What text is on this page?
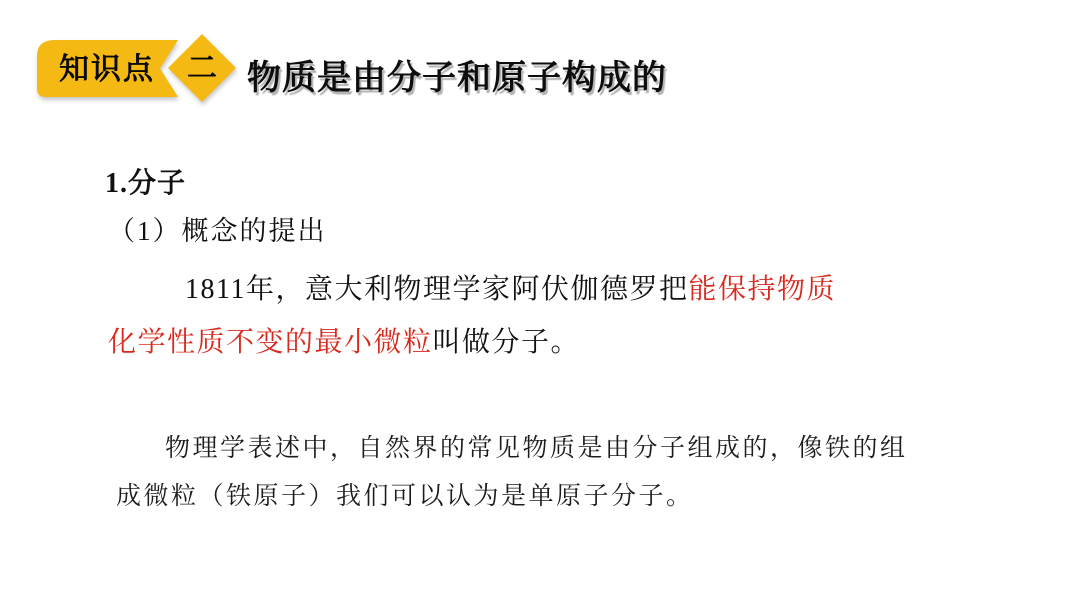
知识点 二 物质是由分子和原子构成的
1.分子
（1）概念的提出
1811年，意大利物理学家阿伏伽德罗把能保持物质
化学性质不变的最小微粒叫做分子。
物理学表述中，自然界的常见物质是由分子组成的，像铁的组
成微粒（铁原子）我们可以认为是单原子分子。
